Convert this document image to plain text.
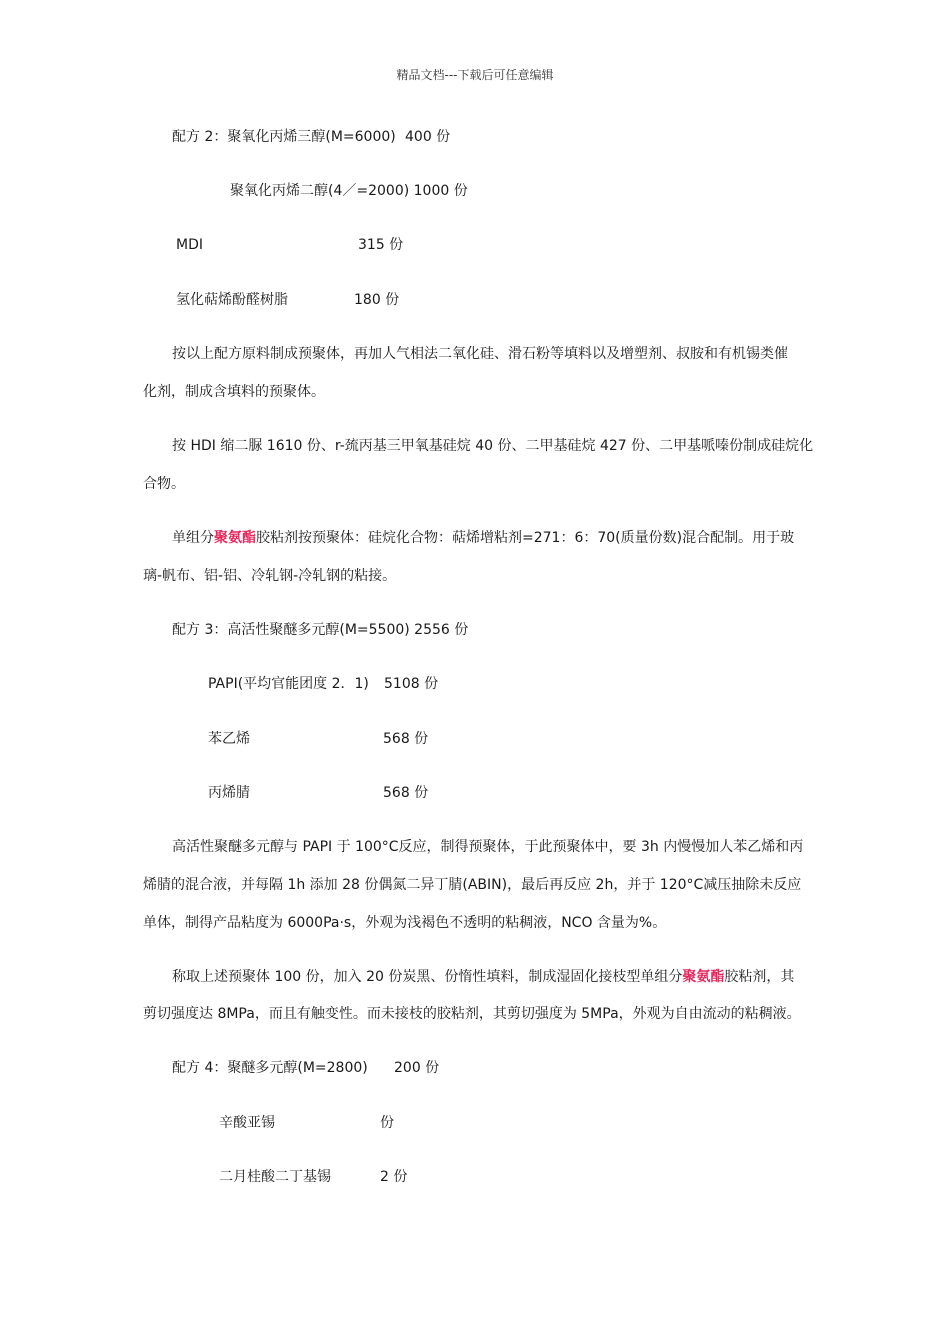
精品文档---下载后可任意编辑
配方 2：聚氧化丙烯三醇(M=6000) 400 份
聚氧化丙烯二醇(4／=2000) 1000 份
MDI	315 份
氢化萜烯酚醛树脂	180 份
按以上配方原料制成预聚体，再加人气相法二氧化硅、滑石粉等填料以及增塑剂、叔胺和有机锡类催
化剂，制成含填料的预聚体。
按 HDI 缩二脲 1610 份、r-巯丙基三甲氧基硅烷 40 份、二甲基硅烷 427 份、二甲基哌嗪份制成硅烷化
合物。
单组分聚氨酯胶粘剂按预聚体：硅烷化合物：萜烯增粘剂=271：6：70(质量份数)混合配制。用于玻
璃-帆布、铝-铝、冷轧钢-冷轧钢的粘接。
配方 3：高活性聚醚多元醇(M=5500) 2556 份
PAPI(平均官能团度 2．1) 5108 份
苯乙烯	568 份
丙烯腈	568 份
高活性聚醚多元醇与 PAPI 于 100°C反应，制得预聚体，于此预聚体中，要 3h 内慢慢加人苯乙烯和丙
烯腈的混合液，并每隔 1h 添加 28 份偶氮二异丁腈(ABIN)，最后再反应 2h，并于 120°C减压抽除未反应
单体，制得产品粘度为 6000Pa·s，外观为浅褐色不透明的粘稠液，NCO 含量为%。
称取上述预聚体 100 份，加入 20 份炭黑、份惰性填料，制成湿固化接枝型单组分聚氨酯胶粘剂，其
剪切强度达 8MPa，而且有触变性。而未接枝的胶粘剂，其剪切强度为 5MPa，外观为自由流动的粘稠液。
配方 4：聚醚多元醇(M=2800) 200 份
辛酸亚锡	份
二月桂酸二丁基锡	2 份
